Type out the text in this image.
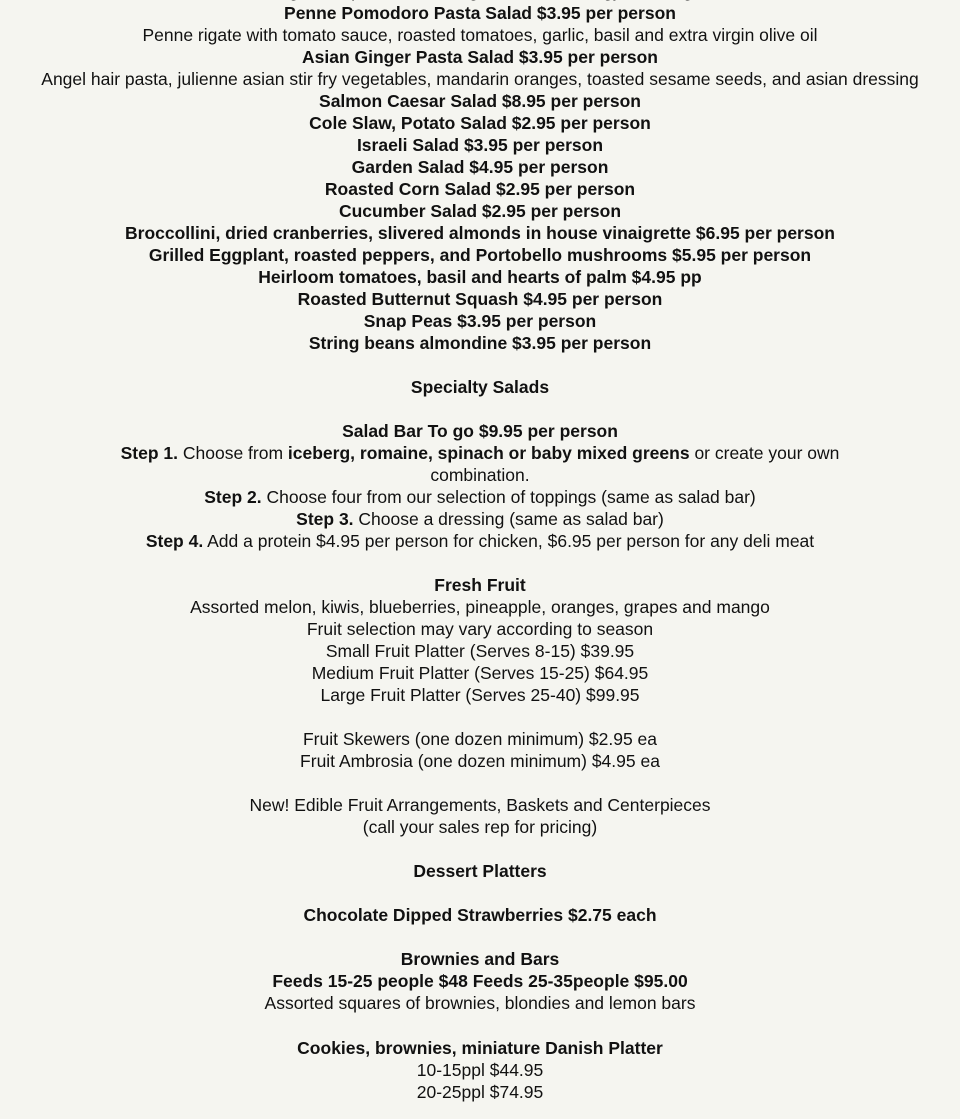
Penne Pomodoro Pasta Salad $3.95 per person
Penne rigate with tomato sauce, roasted tomatoes, garlic, basil and extra virgin olive oil
Asian Ginger Pasta Salad $3.95 per person
Angel hair pasta, julienne asian stir fry vegetables, mandarin oranges, toasted sesame seeds, and asian dressing
Salmon Caesar Salad $8.95 per person
Cole Slaw, Potato Salad $2.95 per person
Israeli Salad $3.95 per person
Garden Salad $4.95 per person
Roasted Corn Salad $2.95 per person
Cucumber Salad $2.95 per person
Broccollini, dried cranberries, slivered almonds in house vinaigrette $6.95 per person
Grilled Eggplant, roasted peppers, and Portobello mushrooms $5.95 per person
Heirloom tomatoes, basil and hearts of palm $4.95 pp
Roasted Butternut Squash $4.95 per person
Snap Peas $3.95 per person
String beans almondine $3.95 per person
Specialty Salads
Salad Bar To go $9.95 per person
Step 1. Choose from iceberg, romaine, spinach or baby mixed greens or create your own combination.
Step 2. Choose four from our selection of toppings (same as salad bar)
Step 3. Choose a dressing (same as salad bar)
Step 4. Add a protein $4.95 per person for chicken, $6.95 per person for any deli meat
Fresh Fruit
Assorted melon, kiwis, blueberries, pineapple, oranges, grapes and mango
Fruit selection may vary according to season
Small Fruit Platter (Serves 8-15) $39.95
Medium Fruit Platter (Serves 15-25) $64.95
Large Fruit Platter (Serves 25-40) $99.95
Fruit Skewers (one dozen minimum) $2.95 ea
Fruit Ambrosia (one dozen minimum) $4.95 ea
New! Edible Fruit Arrangements, Baskets and Centerpieces
(call your sales rep for pricing)
Dessert Platters
Chocolate Dipped Strawberries $2.75 each
Brownies and Bars
Feeds 15-25 people $48 Feeds 25-35people $95.00
Assorted squares of brownies, blondies and lemon bars
Cookies, brownies, miniature Danish Platter
10-15ppl $44.95
20-25ppl $74.95
